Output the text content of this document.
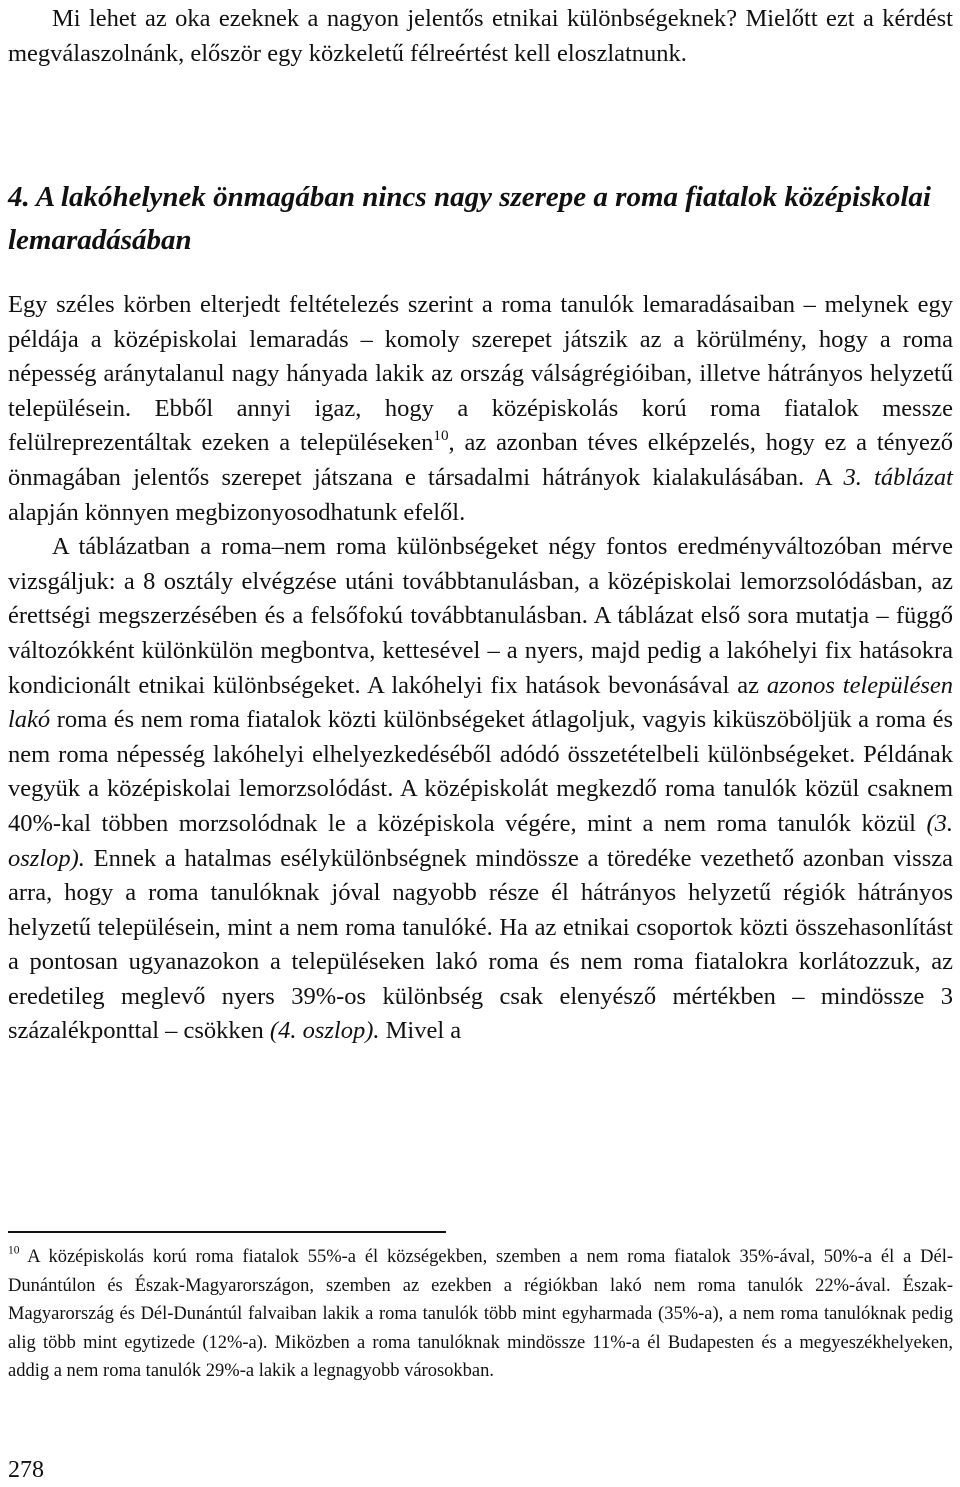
Mi lehet az oka ezeknek a nagyon jelentős etnikai különbségeknek? Mielőtt ezt a kérdést megválaszolnánk, először egy közkeletű félreértést kell eloszlatnunk.

4. A lakóhelynek önmagában nincs nagy szerepe a roma fiatalok középiskolai lemaradásában

Egy széles körben elterjedt feltételezés szerint a roma tanulók lemaradásaiban – melynek egy példája a középiskolai lemaradás – komoly szerepet játszik az a körülmény, hogy a roma népesség aránytalanul nagy hányada lakik az ország válságrégióiban, illetve hátrányos helyzetű településein. Ebből annyi igaz, hogy a középiskolás korú roma fiatalok messze felülreprezentáltak ezeken a településeken$^{10}$, az azonban téves elképzelés, hogy ez a tényező önmagában jelentős szerepet játszana e társadalmi hátrányok kialakulásában. A 3. táblázat alapján könnyen megbizonyosodhatunk efelől.

A táblázatban a roma–nem roma különbségeket négy fontos eredményváltozóban mérve vizsgáljuk: a 8 osztály elvégzése utáni továbbtanulásban, a középiskolai lemorzsolódásban, az érettségi megszerzésében és a felsőfokú továbbtanulásban. A táblázat első sora mutatja – függő változókként különkülön megbontva, kettesével – a nyers, majd pedig a lakóhelyi fix hatásokra kondicionált etnikai különbségeket. A lakóhelyi fix hatások bevonásával az azonos településen lakó roma és nem roma fiatalok közti különbségeket átlagoljuk, vagyis kiküszöböljük a roma és nem roma népesség lakóhelyi elhelyezkedéséből adódó összetételbeli különbségeket. Példának vegyük a középiskolai lemorzsolódást. A középiskolát megkezdő roma tanulók közül csaknem 40%-kal többen morzsolódnak le a középiskola végére, mint a nem roma tanulók közül (3. oszlop). Ennek a hatalmas esélykülönbségnek mindössze a töredéke vezethető azonban vissza arra, hogy a roma tanulóknak jóval nagyobb része él hátrányos helyzetű régiók hátrányos helyzetű településein, mint a nem roma tanulóké. Ha az etnikai csoportok közti összehasonlítást a pontosan ugyanazokon a településeken lakó roma és nem roma fiatalokra korlátozzuk, az eredetileg meglevő nyers 39%-os különbség csak elenyésző mértékben – mindössze 3 százalékponttal – csökken (4. oszlop). Mivel a

$^{10}$ A középiskolás korú roma fiatalok 55%-a él községekben, szemben a nem roma fiatalok 35%-ával, 50%-a él a Dél-Dunántúlon és Észak-Magyarországon, szemben az ezekben a régiókban lakó nem roma tanulók 22%-ával. Észak-Magyarország és Dél-Dunántúl falvaiban lakik a roma tanulók több mint egyharmada (35%-a), a nem roma tanulóknak pedig alig több mint egytizede (12%-a). Miközben a roma tanulóknak mindössze 11%-a él Budapesten és a megyeszékhelyeken, addig a nem roma tanulók 29%-a lakik a legnagyobb városokban.

278
